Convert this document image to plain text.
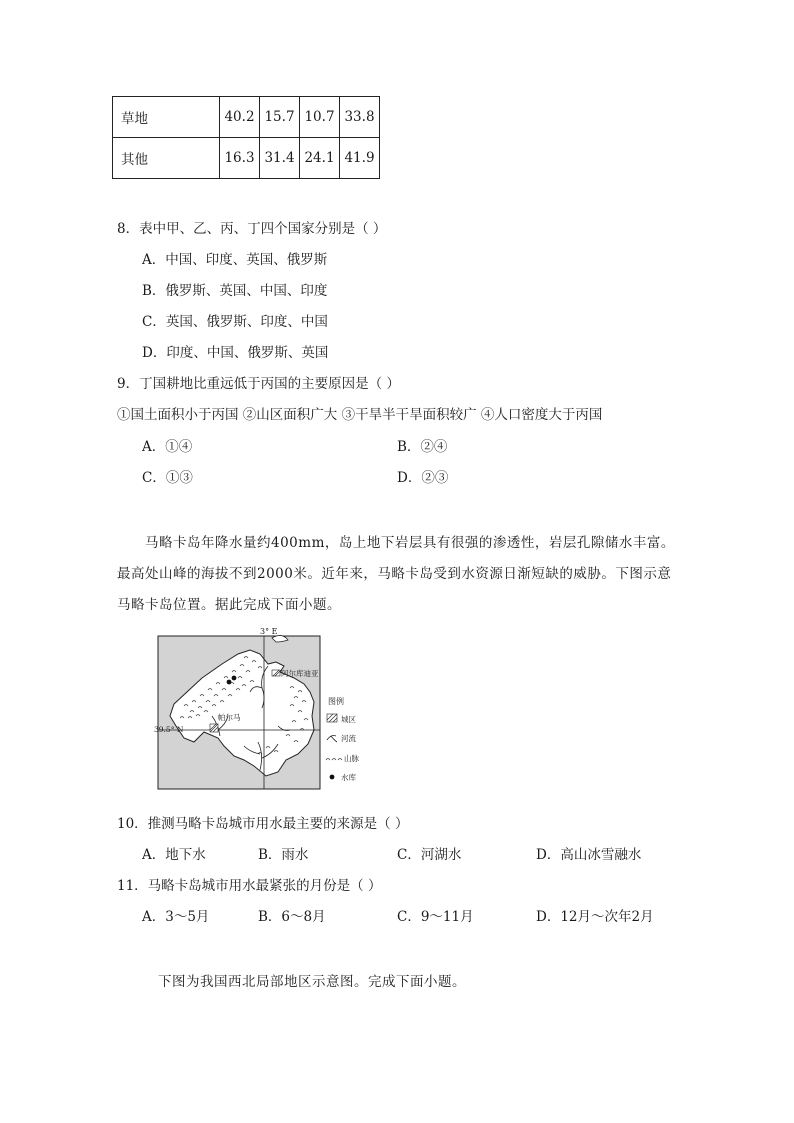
草地	40.2	15.7	10.7	33.8
其他	16.3	31.4	24.1	41.9
8．表中甲、乙、丙、丁四个国家分别是（ ）
A．中国、印度、英国、俄罗斯
B．俄罗斯、英国、中国、印度
C．英国、俄罗斯、印度、中国
D．印度、中国、俄罗斯、英国
9．丁国耕地比重远低于丙国的主要原因是（ ）
①国土面积小于丙国 ②山区面积广大 ③干旱半干旱面积较广 ④人口密度大于丙国
A．①④	B．②④
C．①③	D．②③
马略卡岛年降水量约400mm，岛上地下岩层具有很强的渗透性，岩层孔隙储水丰富。
最高处山峰的海拔不到2000米。近年来，马略卡岛受到水资源日渐短缺的威胁。下图示意
马略卡岛位置。据此完成下面小题。
3° E
39.5° N
阿尔库迪亚
帕尔马
图例
城区
河流
山脉
水库
10．推测马略卡岛城市用水最主要的来源是（ ）
A．地下水	B．雨水	C．河湖水	D．高山冰雪融水
11．马略卡岛城市用水最紧张的月份是（ ）
A．3～5月	B．6～8月	C．9～11月	D．12月～次年2月
下图为我国西北局部地区示意图。完成下面小题。
